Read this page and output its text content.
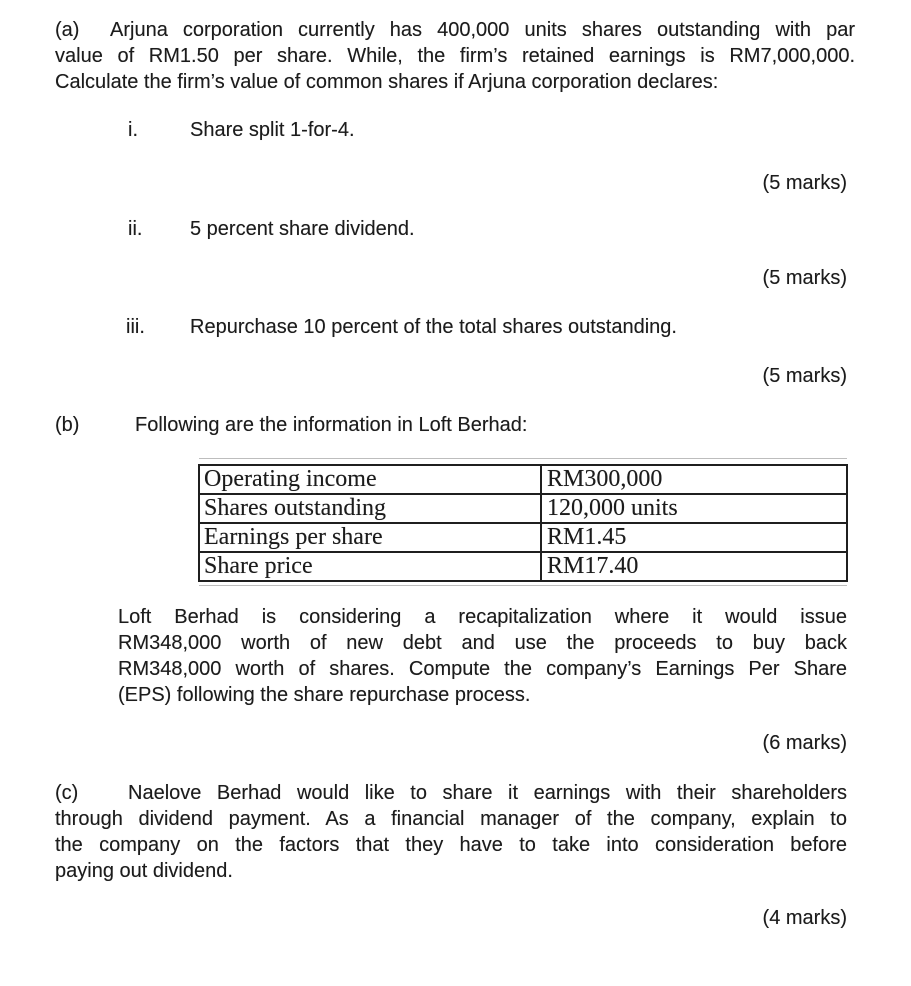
(a) Arjuna corporation currently has 400,000 units shares outstanding with par
value of RM1.50 per share. While, the firm’s retained earnings is RM7,000,000.
Calculate the firm’s value of common shares if Arjuna corporation declares:
i.	Share split 1-for-4.
(5 marks)
ii. 5 percent share dividend.
(5 marks)
iii. Repurchase 10 percent of the total shares outstanding.
(5 marks)
(b)	Following are the information in Loft Berhad:
Operating income	RM300,000
Shares outstanding	120,000 units
Earnings per share	RM1.45
Share price	RM17.40
Loft Berhad is considering a recapitalization where it would issue
RM348,000 worth of new debt and use the proceeds to buy back
RM348,000 worth of shares. Compute the company’s Earnings Per Share
(EPS) following the share repurchase process.
(6 marks)
(c) Naelove Berhad would like to share it earnings with their shareholders
through dividend payment. As a financial manager of the company, explain to
the company on the factors that they have to take into consideration before
paying out dividend.
(4 marks)
